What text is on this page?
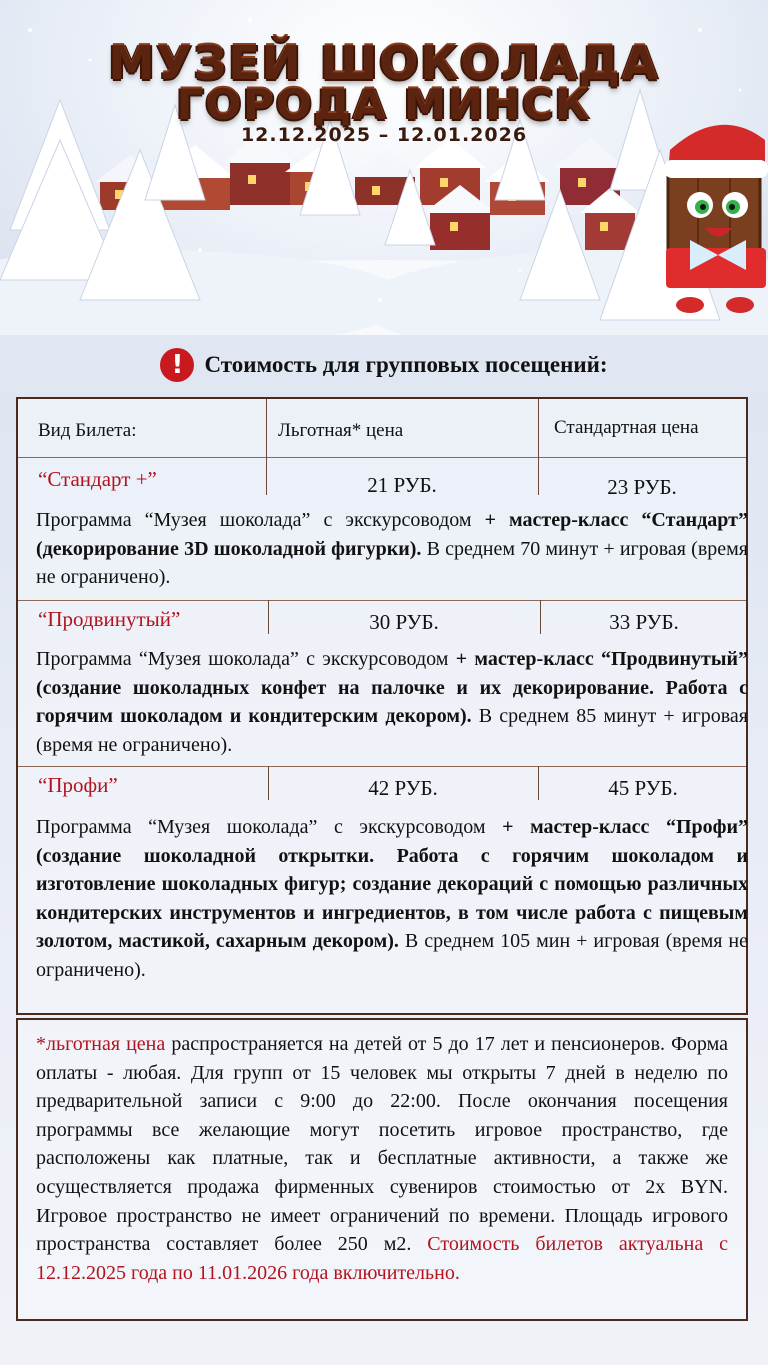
МУЗЕЙ ШОКОЛАДА
ГОРОДА МИНСК
12.12.2025 – 12.01.2026
! Стоимость для групповых посещений:
Вид Билета:	Льготная* цена	Стандартная цена
“Стандарт +”	21 РУБ.	23 РУБ.
Программа “Музея шоколада” с экскурсоводом + мастер-класс “Стандарт” (декорирование 3D шоколадной фигурки). В среднем 70 минут + игровая (время не ограничено).
“Продвинутый”	30 РУБ.	33 РУБ.
Программа “Музея шоколада” с экскурсоводом + мастер-класс “Продвинутый” (создание шоколадных конфет на палочке и их декорирование. Работа с горячим шоколадом и кондитерским декором). В среднем 85 минут + игровая (время не ограничено).
“Профи”	42 РУБ.	45 РУБ.
Программа “Музея шоколада” с экскурсоводом + мастер-класс “Профи” (создание шоколадной открытки. Работа с горячим шоколадом и изготовление шоколадных фигур; создание декораций с помощью различных кондитерских инструментов и ингредиентов, в том числе работа с пищевым золотом, мастикой, сахарным декором). В среднем 105 мин + игровая (время не ограничено).
*льготная цена распространяется на детей от 5 до 17 лет и пенсионеров. Форма оплаты - любая. Для групп от 15 человек мы открыты 7 дней в неделю по предварительной записи с 9:00 до 22:00. После окончания посещения программы все желающие могут посетить игровое пространство, где расположены как платные, так и бесплатные активности, а также же осуществляется продажа фирменных сувениров стоимостью от 2х BYN. Игровое пространство не имеет ограничений по времени. Площадь игрового пространства составляет более 250 м2. Стоимость билетов актуальна с 12.12.2025 года по 11.01.2026 года включительно.
